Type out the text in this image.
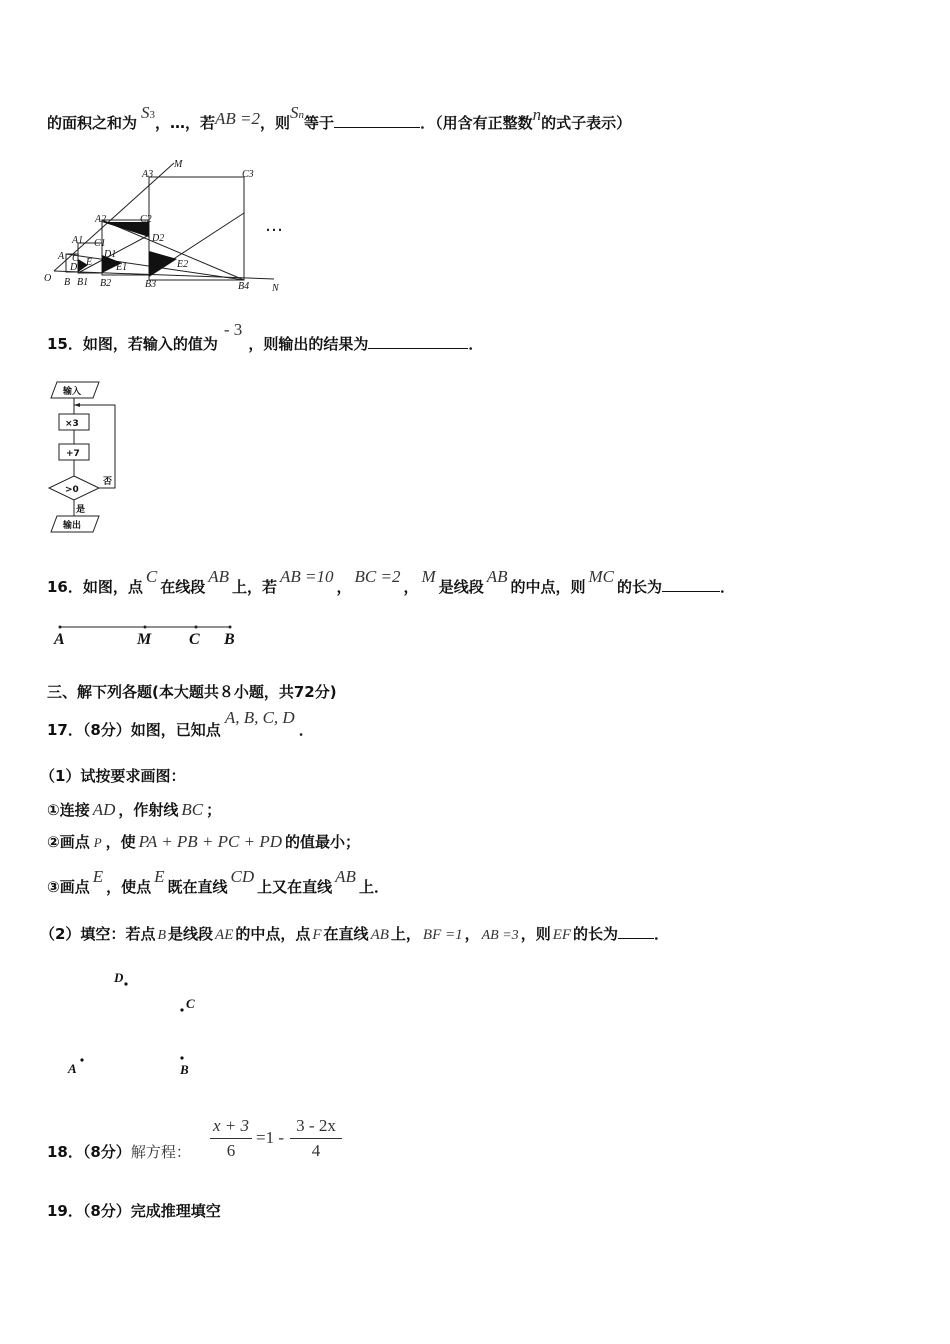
的面积之和为S3，…，若AB =2，则Sn等于	．（用含有正整数n的式子表示）
O B B1 B2	B3	B4 N
M
A
A1
A2
A3
C
C1
C2
C3
D
D1
D2
E E1	E2
…
15．如图，若输入的值为- 3，则输出的结果为	．
输入
×3
+7
>0
否
是
输出
16．如图，点C在线段AB上，若AB =10，BC =2，M是线段AB的中点，则MC的长为	．
A	M C B
三、解下列各题(本大题共８小题，共72分)
17．（8分）如图，已知点A, B, C, D．
（1）试按要求画图：
①连接 AD ，作射线 BC ；
②画点 P ，使 PA + PB + PC + PD 的值最小；
③画点E，使点E既在直线CD上又在直线AB上．
（2）填空：若点 B 是线段 AE 的中点，点 F 在直线 AB 上， BF =1 ， AB =3 ，则 EF 的长为 ．
D
C
A	B
18．（8分）解方程：
x + 3
6
=1 -
3 - 2x
4
19．（8分）完成推理填空
